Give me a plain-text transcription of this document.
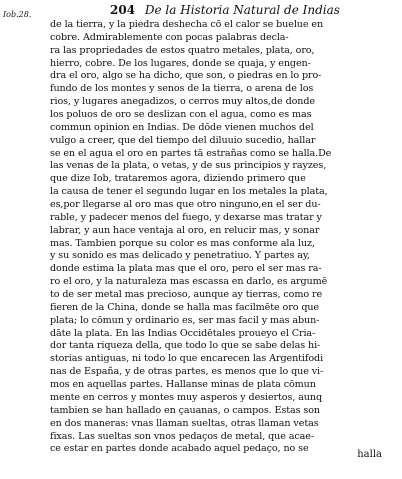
Iob.28.	204 De la Historia Natural de Indias
de la tierra, y la piedra deshecha cō el calor se buelue en
cobre. Admirablemente con pocas palabras decla-
ra las propriedades de estos quatro metales, plata, oro,
hierro, cobre. De los lugares, donde se quaja, y engen-
dra el oro, algo se ha dicho, que son, o piedras en lo pro-
fundo de los montes y senos de la tierra, o arena de los
rios, y lugares anegadizos, o cerros muy altos,de donde
los poluos de oro se deslizan con el agua, como es mas
commun opinion en Indias. De dōde vienen muchos del
vulgo a creer, que del tiempo del diluuio sucedio, hallar
se en el agua el oro en partes tā estrañas como se halla.De
las venas de la plata, o vetas, y de sus principios y rayzes,
que dize Iob, trataremos agora, diziendo primero que
la causa de tener el segundo lugar en los metales la plata,
es,por llegarse al oro mas que otro ninguno,en el ser du-
rable, y padecer menos del fuego, y dexarse mas tratar y
labrar, y aun hace ventaja al oro, en relucir mas, y sonar
mas. Tambien porque su color es mas conforme ala luz,
y su sonido es mas delicado y penetratiuo. Y partes ay,
donde estima la plata mas que el oro, pero el ser mas ra-
ro el oro, y la naturaleza mas escassa en darlo, es argumē
to de ser metal mas precioso, aunque ay tierras, como re
fieren de la China, donde se halla mas facilmēte oro que
plata; lo cōmun y ordinario es, ser mas facil y mas abun-
dāte la plata. En las Indias Occidētales proueyo el Cria-
dor tanta riqueza della, que todo lo que se sabe delas hi-
storias antiguas, ni todo lo que encarecen las Argentifodi
nas de España, y de otras partes, es menos que lo que vi-
mos en aquellas partes. Hallanse minas de plata cōmun
mente en cerros y montes muy asperos y desiertos, aunq
tambien se han hallado en çauanas, o campos. Estas son
en dos maneras: vnas llaman sueltas, otras llaman vetas
fixas. Las sueltas son vnos pedaços de metal, que acae-
ce estar en partes donde acabado aquel pedaço, no se
halla
